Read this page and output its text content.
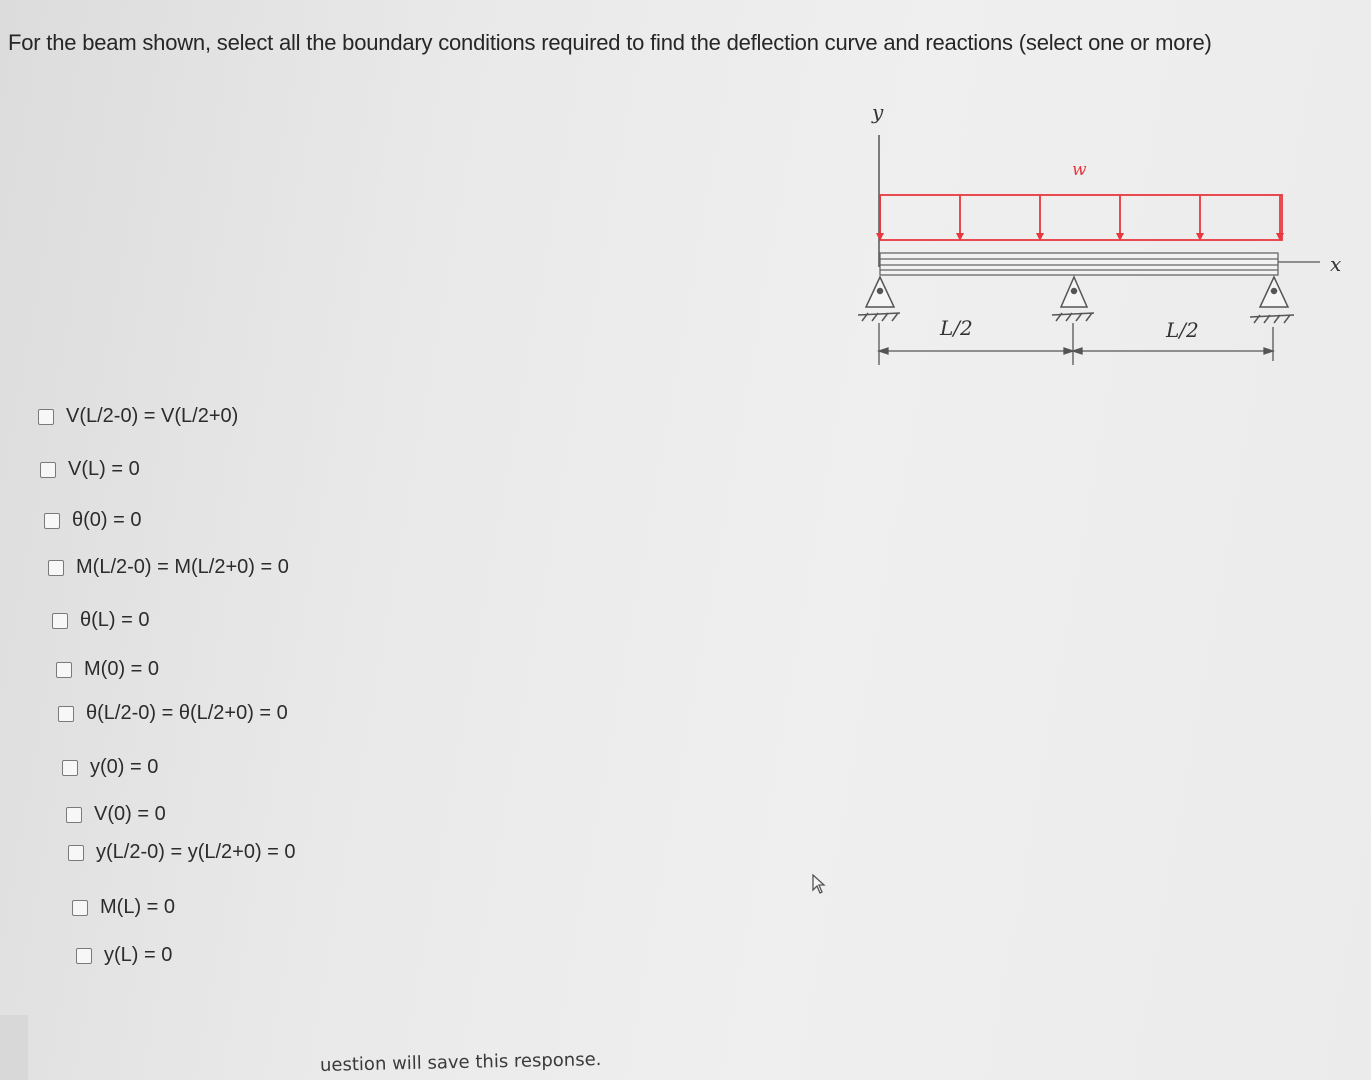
For the beam shown, select all the boundary conditions required to find the deflection curve and reactions (select one or more)
y
w
x
L/2	L/2
V(L/2-0) = V(L/2+0)
V(L) = 0
θ(0) = 0
M(L/2-0) = M(L/2+0) = 0
θ(L) = 0
M(0) = 0
θ(L/2-0) = θ(L/2+0) = 0
y(0) = 0
V(0) = 0
y(L/2-0) = y(L/2+0) = 0
M(L) = 0
y(L) = 0
uestion will save this response.
